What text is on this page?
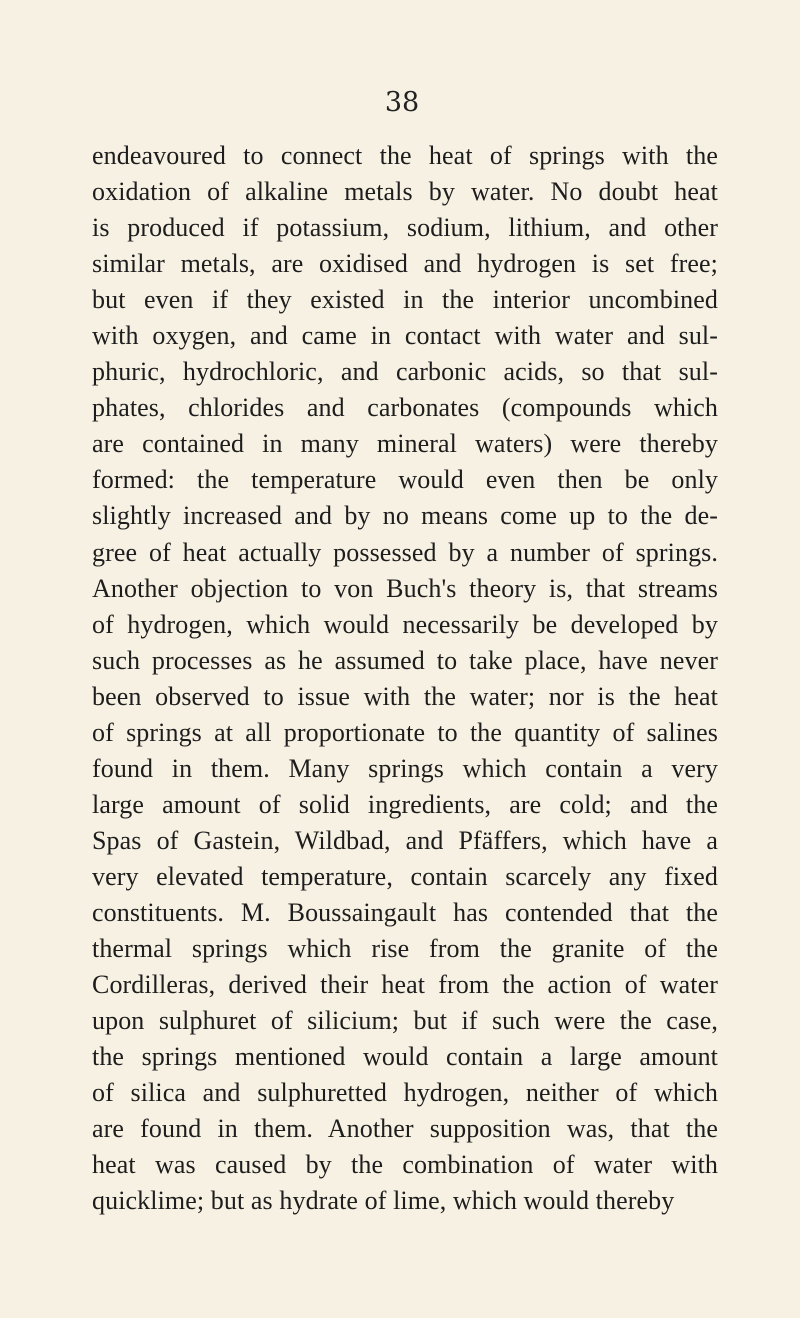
38
endeavoured to connect the heat of springs with the
oxidation of alkaline metals by water. No doubt heat
is produced if potassium, sodium, lithium, and other
similar metals, are oxidised and hydrogen is set free;
but even if they existed in the interior uncombined
with oxygen, and came in contact with water and sul-
phuric, hydrochloric, and carbonic acids, so that sul-
phates, chlorides and carbonates (compounds which
are contained in many mineral waters) were thereby
formed: the temperature would even then be only
slightly increased and by no means come up to the de-
gree of heat actually possessed by a number of springs.
Another objection to von Buch's theory is, that streams
of hydrogen, which would necessarily be developed by
such processes as he assumed to take place, have never
been observed to issue with the water; nor is the heat
of springs at all proportionate to the quantity of salines
found in them. Many springs which contain a very
large amount of solid ingredients, are cold; and the
Spas of Gastein, Wildbad, and Pfäffers, which have a
very elevated temperature, contain scarcely any fixed
constituents. M. Boussaingault has contended that the
thermal springs which rise from the granite of the
Cordilleras, derived their heat from the action of water
upon sulphuret of silicium; but if such were the case,
the springs mentioned would contain a large amount
of silica and sulphuretted hydrogen, neither of which
are found in them. Another supposition was, that the
heat was caused by the combination of water with
quicklime; but as hydrate of lime, which would thereby
